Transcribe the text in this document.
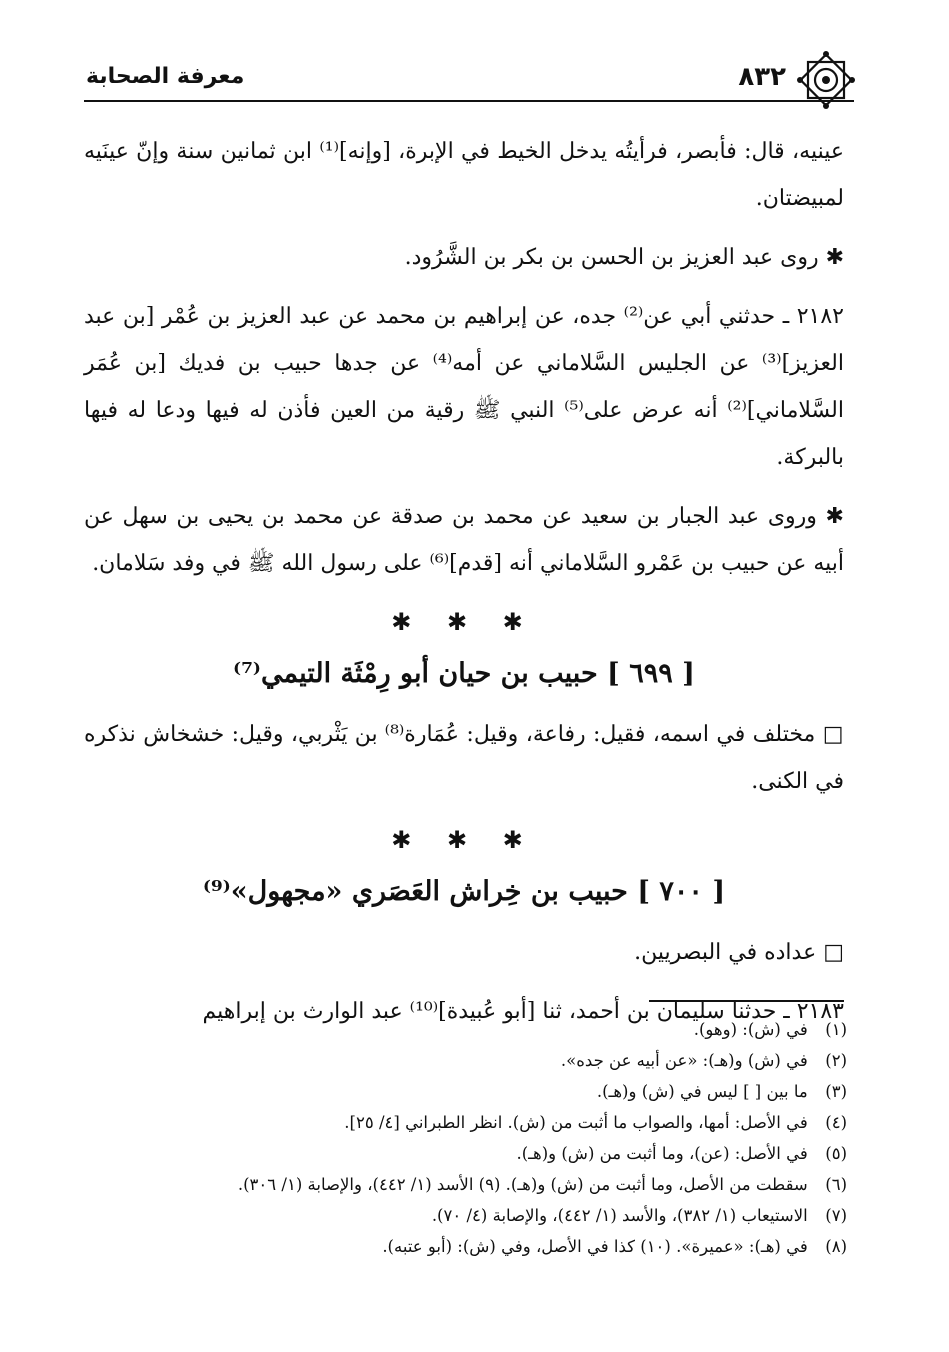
٨٣٢
معرفة الصحابة

عينيه، قال: فأبصر، فرأيتُه يدخل الخيط في الإبرة، [وإنه]⁽¹⁾ ابن ثمانين سنة وإنّ عينَيه لمبيضتان.

✱ روى عبد العزيز بن الحسن بن بكر بن الشَّرُود.

٢١٨٢ ـ حدثني أبي عن⁽²⁾ جده، عن إبراهيم بن محمد عن عبد العزيز بن عُمْر [بن عبد العزيز]⁽³⁾ عن الجليس السَّلاماني عن أمه⁽⁴⁾ عن جدها حبيب بن فديك [بن عُمَر السَّلاماني]⁽²⁾ أنه عرض على⁽⁵⁾ النبي ﷺ رقية من العين فأذن له فيها ودعا له فيها بالبركة.

✱ وروى عبد الجبار بن سعيد عن محمد بن صدقة عن محمد بن يحيى بن سهل عن أبيه عن حبيب بن عَمْرو السَّلاماني أنه [قدم]⁽⁶⁾ على رسول الله ﷺ في وفد سَلامان.

✱ ✱ ✱
[ ٦٩٩ ] حبيب بن حيان أبو رِمْثَة التيمي⁽⁷⁾

□ مختلف في اسمه، فقيل: رفاعة، وقيل: عُمَارة⁽⁸⁾ بن يَثْربي، وقيل: خشخاش نذكره في الكنى.

✱ ✱ ✱
[ ٧٠٠ ] حبيب بن خِراش العَصَري «مجهول»⁽⁹⁾

□ عداده في البصريين.

٢١٨٣ ـ حدثنا سليمان بن أحمد، ثنا [أبو عُبيدة]⁽¹⁰⁾ عبد الوارث بن إبراهيم

(١) في (ش): (وهو).
(٢) في (ش) و(هـ): «عن أبيه عن جده».
(٣) ما بين [ ] ليس في (ش) و(هـ).
(٤) في الأصل: أمها، والصواب ما أثبت من (ش). انظر الطبراني [٤/ ٢٥].
(٥) في الأصل: (عن)، وما أثبت من (ش) و(هـ).
(٦) سقطت من الأصل، وما أثبت من (ش) و(هـ). (٩) الأسد (١/ ٤٤٢)، والإصابة (١/ ٣٠٦).
(٧) الاستيعاب (١/ ٣٨٢)، والأسد (١/ ٤٤٢)، والإصابة (٤/ ٧٠).
(٨) في (هـ): «عميرة». (١٠) كذا في الأصل، وفي (ش): (أبو عتبه).
